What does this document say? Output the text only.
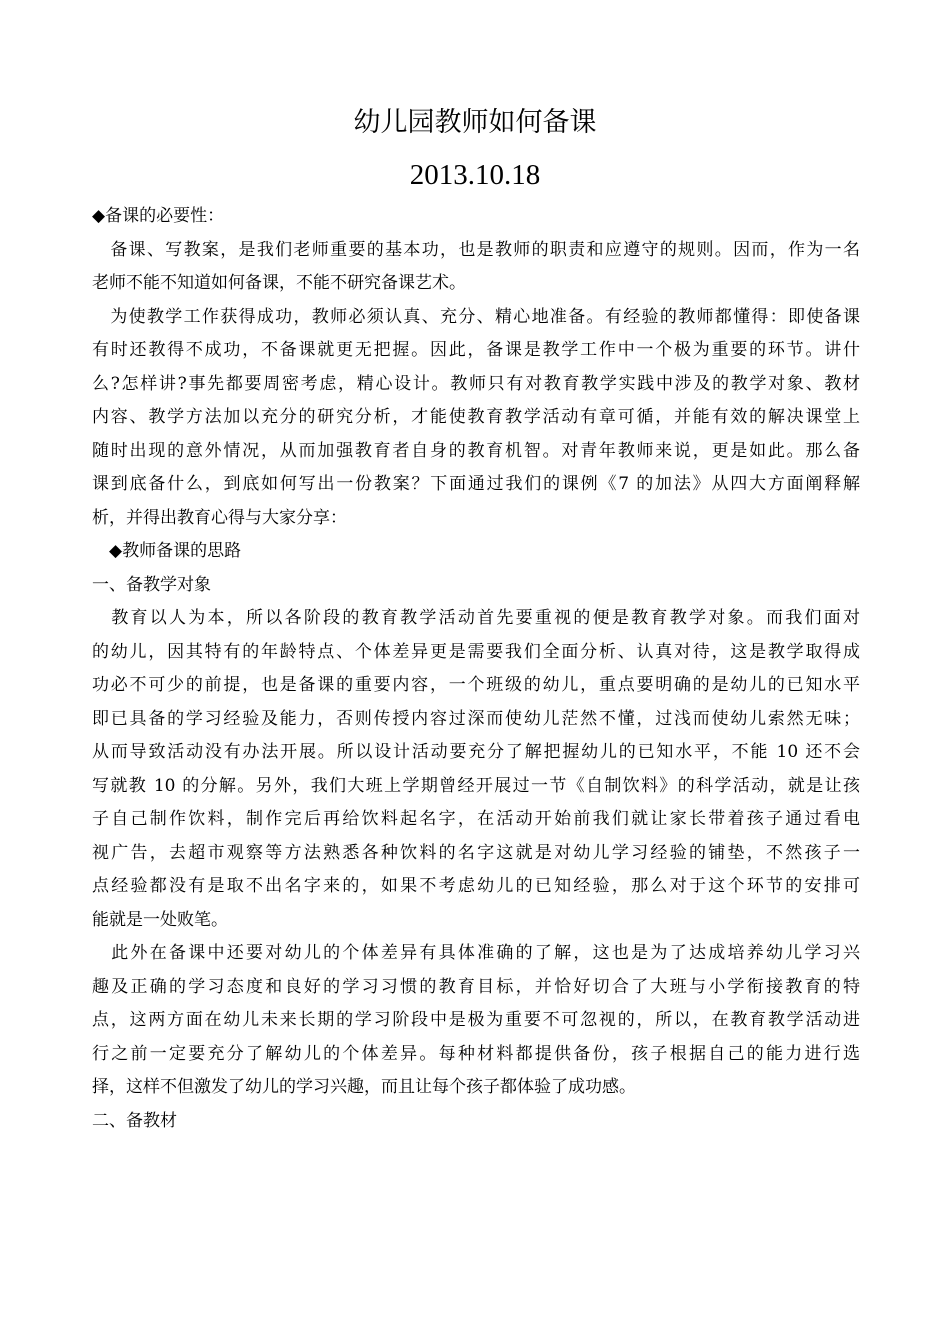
幼儿园教师如何备课
2013.10.18
◆备课的必要性：
　备课、写教案，是我们老师重要的基本功，也是教师的职责和应遵守的规则。因而，作为一名
老师不能不知道如何备课，不能不研究备课艺术。
　为使教学工作获得成功，教师必须认真、充分、精心地准备。有经验的教师都懂得：即使备课
有时还教得不成功，不备课就更无把握。因此，备课是教学工作中一个极为重要的环节。讲什
么?怎样讲?事先都要周密考虑，精心设计。教师只有对教育教学实践中涉及的教学对象、教材
内容、教学方法加以充分的研究分析，才能使教育教学活动有章可循，并能有效的解决课堂上
随时出现的意外情况，从而加强教育者自身的教育机智。对青年教师来说，更是如此。那么备
课到底备什么，到底如何写出一份教案？下面通过我们的课例《7 的加法》从四大方面阐释解
析，并得出教育心得与大家分享：
　◆教师备课的思路
一、备教学对象
　教育以人为本，所以各阶段的教育教学活动首先要重视的便是教育教学对象。而我们面对
的幼儿，因其特有的年龄特点、个体差异更是需要我们全面分析、认真对待，这是教学取得成
功必不可少的前提，也是备课的重要内容，一个班级的幼儿，重点要明确的是幼儿的已知水平
即已具备的学习经验及能力，否则传授内容过深而使幼儿茫然不懂，过浅而使幼儿索然无味；
从而导致活动没有办法开展。所以设计活动要充分了解把握幼儿的已知水平，不能 10 还不会
写就教 10 的分解。另外，我们大班上学期曾经开展过一节《自制饮料》的科学活动，就是让孩
子自己制作饮料，制作完后再给饮料起名字，在活动开始前我们就让家长带着孩子通过看电
视广告，去超市观察等方法熟悉各种饮料的名字这就是对幼儿学习经验的铺垫，不然孩子一
点经验都没有是取不出名字来的，如果不考虑幼儿的已知经验，那么对于这个环节的安排可
能就是一处败笔。
　此外在备课中还要对幼儿的个体差异有具体准确的了解，这也是为了达成培养幼儿学习兴
趣及正确的学习态度和良好的学习习惯的教育目标，并恰好切合了大班与小学衔接教育的特
点，这两方面在幼儿未来长期的学习阶段中是极为重要不可忽视的，所以，在教育教学活动进
行之前一定要充分了解幼儿的个体差异。每种材料都提供备份，孩子根据自己的能力进行选
择，这样不但激发了幼儿的学习兴趣，而且让每个孩子都体验了成功感。
二、备教材
